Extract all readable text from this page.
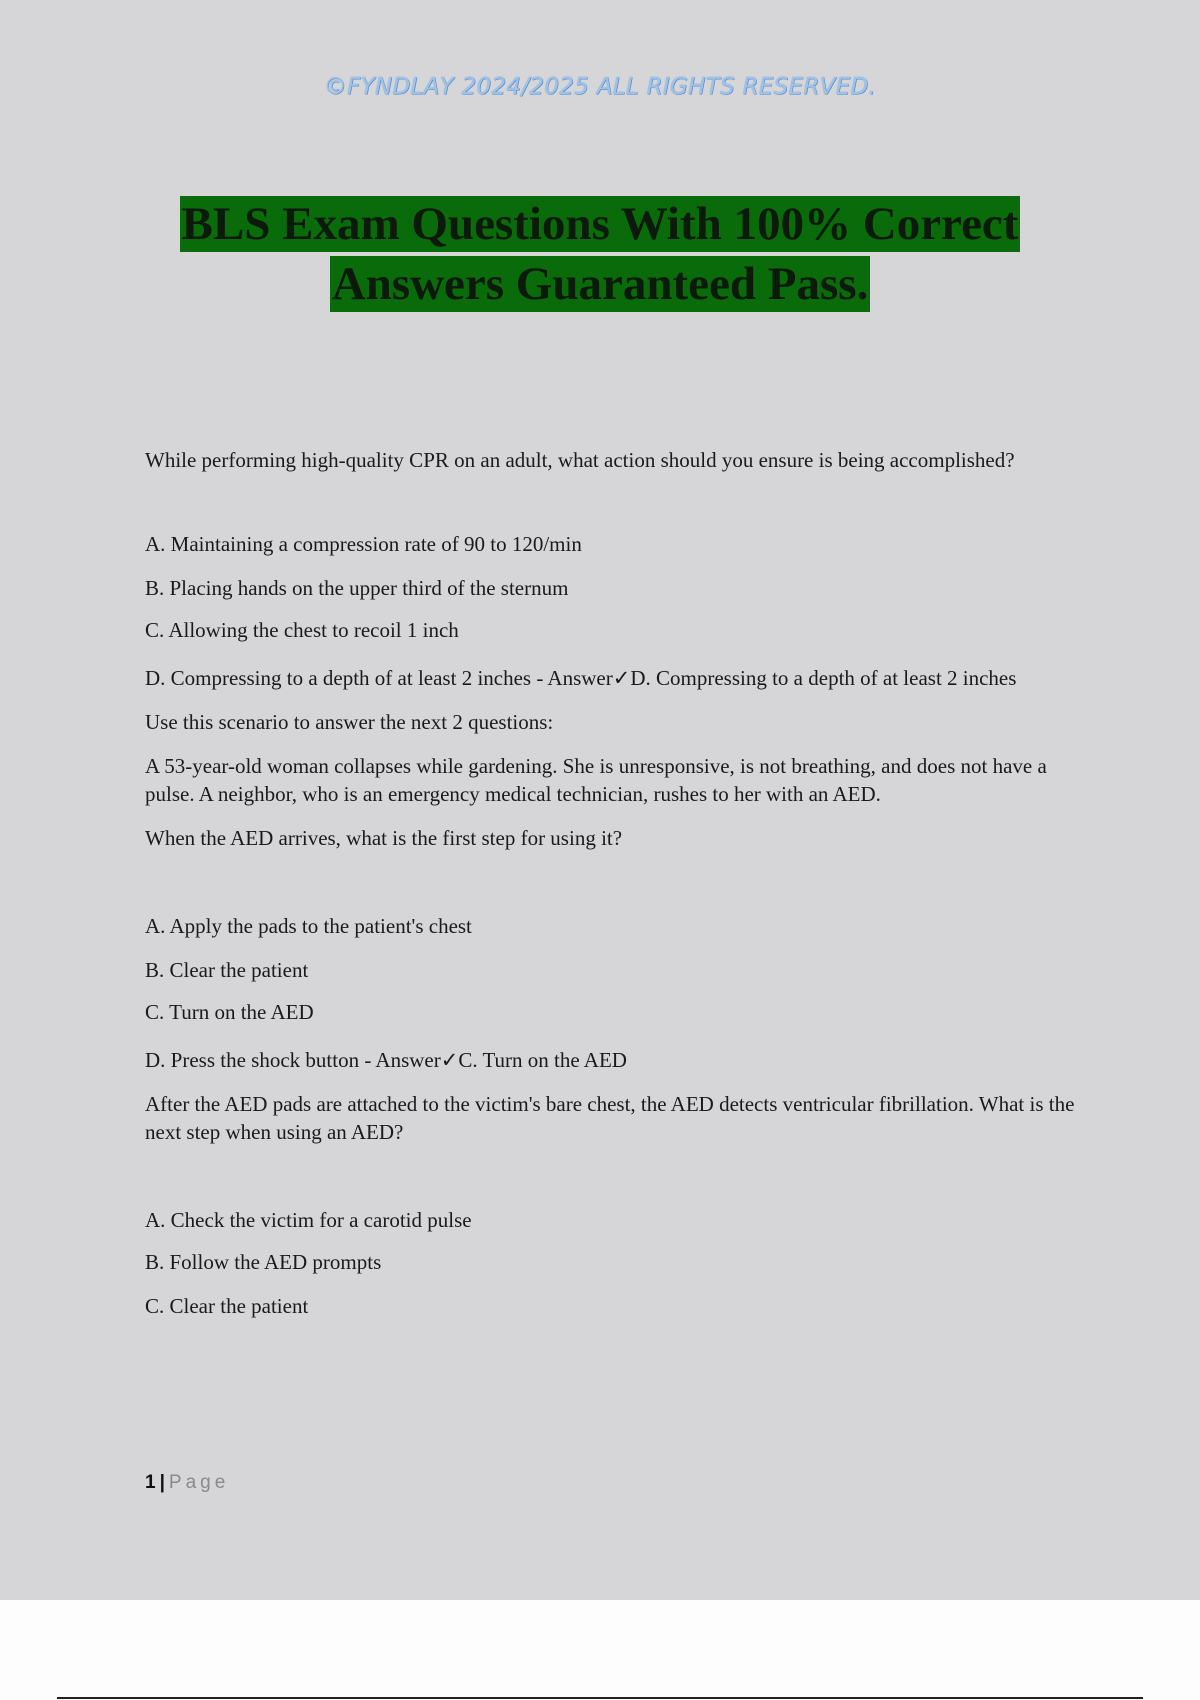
©FYNDLAY 2024/2025 ALL RIGHTS RESERVED.
BLS Exam Questions With 100% Correct
Answers Guaranteed Pass.

While performing high-quality CPR on an adult, what action should you ensure is being accomplished?

A. Maintaining a compression rate of 90 to 120/min

B. Placing hands on the upper third of the sternum

C. Allowing the chest to recoil 1 inch

D. Compressing to a depth of at least 2 inches - Answer✓D. Compressing to a depth of at least 2 inches

Use this scenario to answer the next 2 questions:

A 53-year-old woman collapses while gardening. She is unresponsive, is not breathing, and does not have a pulse. A neighbor, who is an emergency medical technician, rushes to her with an AED.

When the AED arrives, what is the first step for using it?

A. Apply the pads to the patient's chest

B. Clear the patient

C. Turn on the AED

D. Press the shock button - Answer✓C. Turn on the AED

After the AED pads are attached to the victim's bare chest, the AED detects ventricular fibrillation. What is the next step when using an AED?

A. Check the victim for a carotid pulse

B. Follow the AED prompts

C. Clear the patient

1 | Page
